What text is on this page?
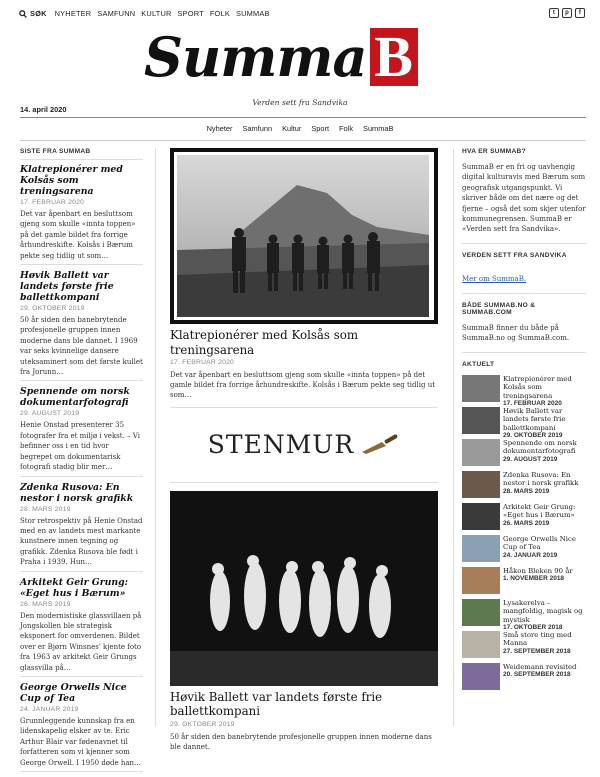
SØK NYHETER SAMFUNN KULTUR SPORT FOLK SUMMAB	t	p	f
Summa B
Verden sett fra Sandvika
14. april 2020
Nyheter Samfunn Kultur Sport Folk SummaB
SISTE FRA SUMMAB
Klatrepionérer med Kolsås som treningsarena
17. FEBRUAR 2020

Det var åpenbart en besluttsom gjeng som skulle «innta toppen» på det gamle bildet fra forrige århundreskifte. Kolsås i Bærum pekte seg tidlig ut som…

Høvik Ballett var landets første frie ballettkompani
29. OKTOBER 2019

50 år siden den banebrytende profesjonelle gruppen innen moderne dans ble dannet. I 1969 var seks kvinnelige dansere uteksaminert som det første kullet fra Jorunn…

Spennende om norsk dokumentarfotografi
29. AUGUST 2019

Henie Onstad presenterer 35 fotografer fra et miljø i vekst. – Vi befinner oss i en tid hvor begrepet om dokumentarisk fotografi stadig blir mer…

Zdenka Rusova: En nestor i norsk grafikk
28. MARS 2019

Stor retrospektiv på Henie Onstad med en av landets mest markante kunstnere innen tegning og grafikk. Zdenka Rusova ble født i Praha i 1939. Hun…

Arkitekt Geir Grung: «Eget hus i Bærum»
26. MARS 2019

Den modernistiske glassvillaen på Jongskollen ble strategisk eksponert for omverdenen. Bildet over er Bjørn Winsnes' kjente foto fra 1963 av arkitekt Geir Grungs glassvilla på…

George Orwells Nice Cup of Tea
24. JANUAR 2019

Grunnleggende kunnskap fra en lidenskapelig elsker av te. Eric Arthur Blair var fødenavnet til forfatteren som vi kjenner som George Orwell. I 1950 døde han…

Klatrepionérer med Kolsås som treningsarena
17. FEBRUAR 2020

Det var åpenbart en besluttsom gjeng som skulle «innta toppen» på det gamle bildet fra forrige århundreskifte. Kolsås i Bærum pekte seg tidlig ut som…

STENMUR
Høvik Ballett var landets første frie ballettkompani
29. OKTOBER 2019

50 år siden den banebrytende profesjonelle gruppen innen moderne dans ble dannet.

HVA ER SUMMAB?
SummaB er en fri og uavhengig digital kulturavis med Bærum som geografisk utgangspunkt. Vi skriver både om det nære og det fjerne – også det som skjer utenfor kommunegrensen. SummaB er «Verden sett fra Sandvika».
VERDEN SETT FRA SANDVIKA
Mer om SummaB.
BÅDE SUMMAB.NO & SUMMAB.COM
SummaB finner du både på SummaB.no og SummaB.com.
AKTUELT
Klatrepionérer med Kolsås som treningsarena
17. FEBRUAR 2020
Høvik Ballett var landets første frie ballettkompani
29. OKTOBER 2019
Spennende om norsk dokumentarfotografi
29. AUGUST 2019
Zdenka Rusova: En nestor i norsk grafikk
28. MARS 2019
Arkitekt Geir Grung: «Eget hus i Bærum»
26. MARS 2019
George Orwells Nice Cup of Tea
24. JANUAR 2019
Håkon Bleken 90 år
1. NOVEMBER 2018
Lysakerelva – mangfoldig, magisk og mystisk
17. OKTOBER 2018
Små store ting med Manna
27. SEPTEMBER 2018
Weidemann revisited
20. SEPTEMBER 2018
